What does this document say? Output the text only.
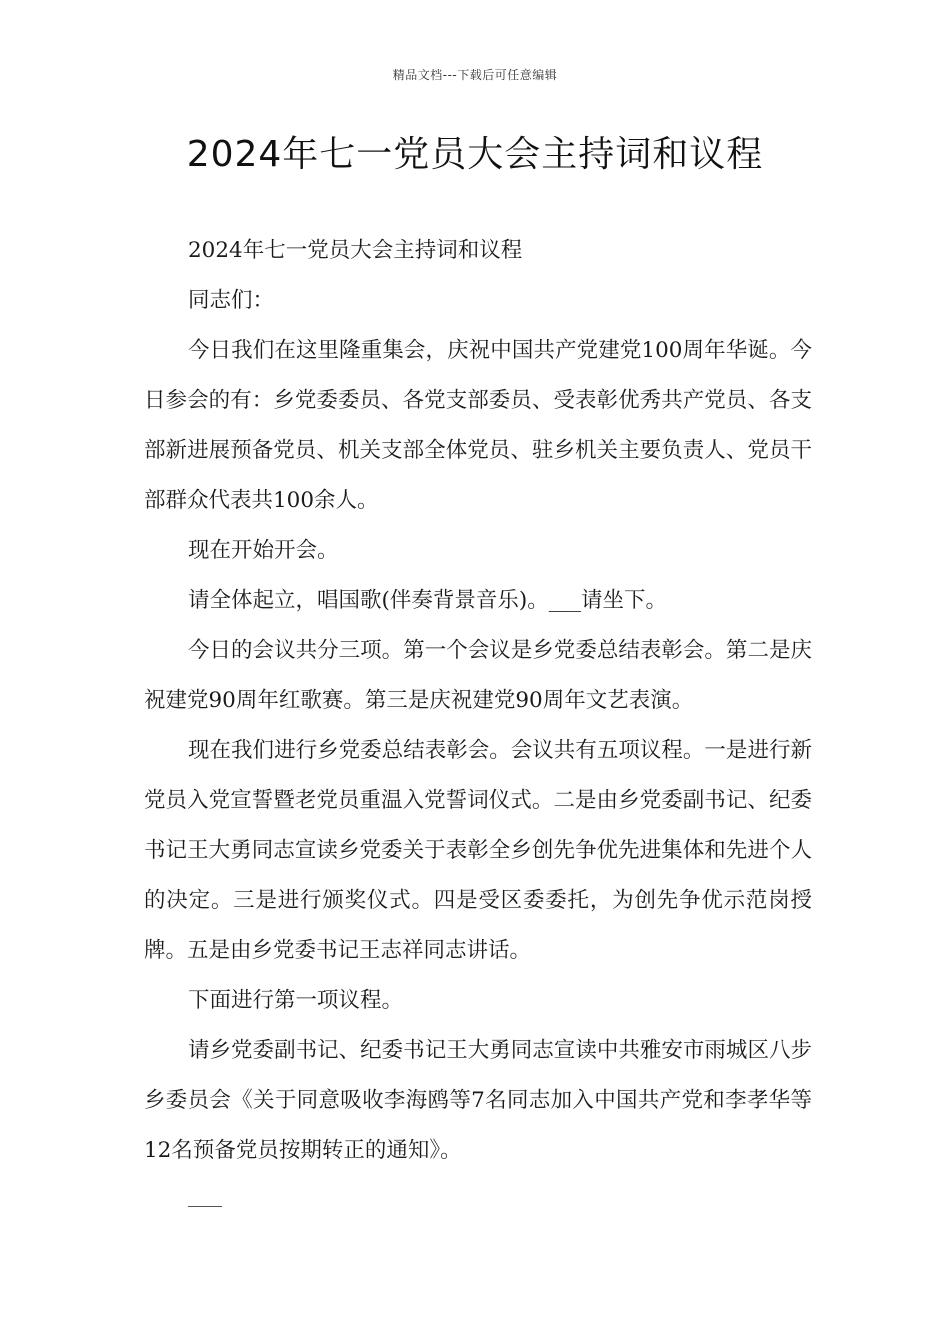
精品文档---下载后可任意编辑
2024年七一党员大会主持词和议程

2024年七一党员大会主持词和议程

同志们：

今日我们在这里隆重集会，庆祝中国共产党建党100周年华诞。今日参会的有：乡党委委员、各党支部委员、受表彰优秀共产党员、各支部新进展预备党员、机关支部全体党员、驻乡机关主要负责人、党员干部群众代表共100余人。

现在开始开会。

请全体起立，唱国歌(伴奏背景音乐)。___请坐下。

今日的会议共分三项。第一个会议是乡党委总结表彰会。第二是庆祝建党90周年红歌赛。第三是庆祝建党90周年文艺表演。

现在我们进行乡党委总结表彰会。会议共有五项议程。一是进行新党员入党宣誓暨老党员重温入党誓词仪式。二是由乡党委副书记、纪委书记王大勇同志宣读乡党委关于表彰全乡创先争优先进集体和先进个人的决定。三是进行颁奖仪式。四是受区委委托，为创先争优示范岗授牌。五是由乡党委书记王志祥同志讲话。

下面进行第一项议程。

请乡党委副书记、纪委书记王大勇同志宣读中共雅安市雨城区八步乡委员会《关于同意吸收李海鸥等7名同志加入中国共产党和李孝华等12名预备党员按期转正的通知》。
